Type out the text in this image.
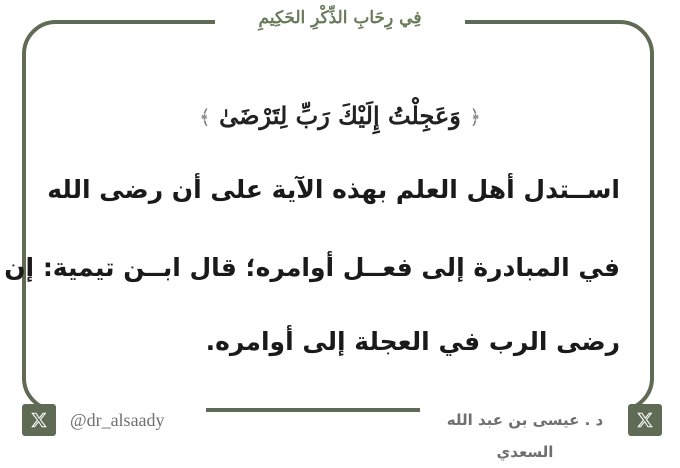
فِي رِحَابِ الذِّكْرِ الحَكِيمِ
﴿ وَعَجِلْتُ إِلَيْكَ رَبِّ لِتَرْضَىٰ ﴾
اســتدل أهل العلم بهذه الآية على أن رضى الله
في المبادرة إلى فعــل أوامره؛ قال ابــن تيمية: إن
رضى الرب في العجلة إلى أوامره.
@dr_alsaady	د . عيسى بن عبد الله السعدي
